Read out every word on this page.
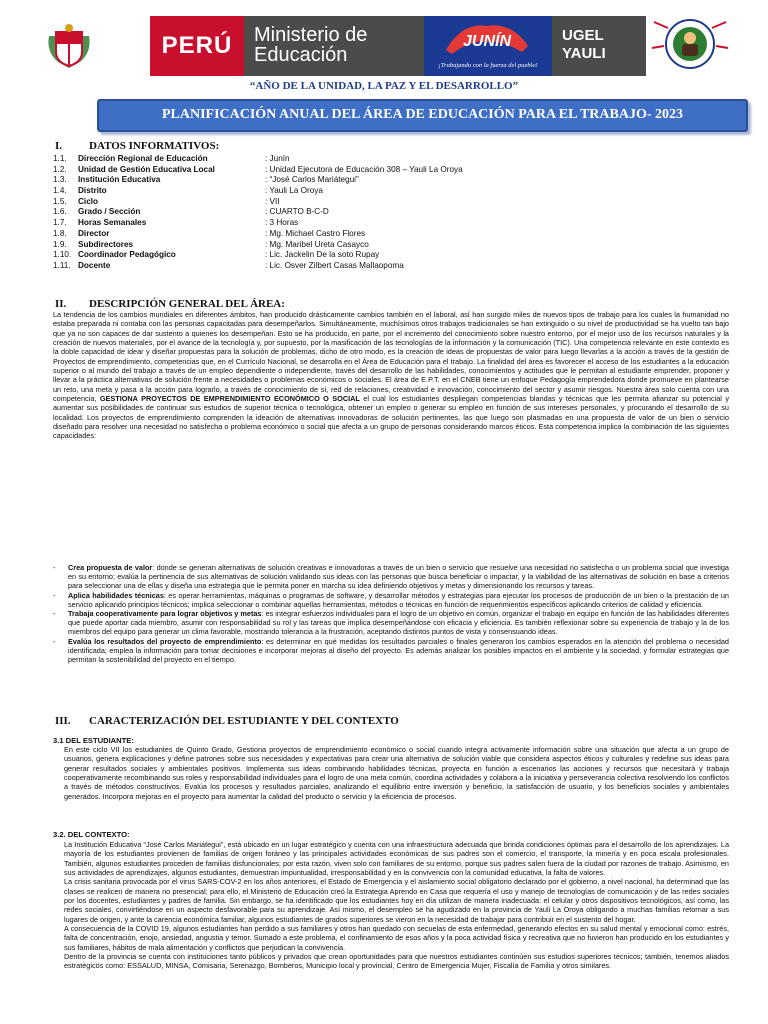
PERÚ	Ministerio de Educación
JUNÍN
¡Trabajando con la fuerza del pueblo!
UGEL YAULI
“AÑO DE LA UNIDAD, LA PAZ Y EL DESARROLLO”
PLANIFICACIÓN ANUAL DEL ÁREA DE EDUCACIÓN PARA EL TRABAJO- 2023
I. DATOS INFORMATIVOS:
1.1.	Dirección Regional de Educación	: Junín
1.2.	Unidad de Gestión Educativa Local	: Unidad Ejecutora de Educación 308 – Yauli La Oroya
1.3.	Institución Educativa	: “José Carlos Mariátegui”
1.4.	Distrito	: Yauli La Oroya
1.5.	Ciclo	: VII
1.6.	Grado / Sección	: CUARTO B-C-D
1.7.	Horas Semanales	: 3 Horas
1.8.	Director	: Mg. Michael Castro Flores
1.9.	Subdirectores	: Mg. Maribel Ureta Casayco
1.10. Coordinador Pedagógico	: Lic. Jackelin De la soto Rupay
1.11. Docente	: Lic. Osver Zilbert Casas Mallaopoma
II. DESCRIPCIÓN GENERAL DEL ÁREA:
La tendencia de los cambios mundiales en diferentes ámbitos, han producido drásticamente cambios también en el laboral, así han surgido miles de nuevos tipos de trabajo para los cuales la humanidad no estaba preparada ni contaba con las personas capacitadas para desempeñarlos. Simultáneamente, muchísimos otros trabajos tradicionales se han extinguido o su nivel de productividad se ha vuelto tan bajo que ya no son capaces de dar sustento a quienes los desempeñan. Esto se ha producido, en parte, por el incremento del conocimiento sobre nuestro entorno, por el mejor uso de los recursos naturales y la creación de nuevos materiales, por el avance de la tecnología y, por supuesto, por la masificación de las tecnologías de la información y la comunicación (TIC). Una competencia relevante en este contexto es la doble capacidad de idear y diseñar propuestas para la solución de problemas, dicho de otro modo, es la creación de ideas de propuestas de valor para luego llevarlas a la acción a través de la gestión de Proyectos de emprendimiento, competencias que, en el Currículo Nacional, se desarrolla en el Área de Educación para el trabajo. La finalidad del área es favorecer el acceso de los estudiantes a la educación superior o al mundo del trabajo a través de un empleo dependiente o independiente, través del desarrollo de las habilidades, conocimientos y actitudes que le permitan al estudiante emprender, proponer y llevar a la práctica alternativas de solución frente a necesidades o problemas económicos o sociales. El área de E.P.T. en el CNEB tiene un enfoque Pedagogía emprendedora donde promueve en plantearse un reto, una meta y pasa a la acción para lograrlo, a través de conocimiento de sí, red de relaciones, creatividad e innovación, conocimiento del sector y asumir riesgos. Nuestra área solo cuenta con una competencia, GESTIONA PROYECTOS DE EMPRENDIMIENTO ECONÓMICO O SOCIAL el cual los estudiantes despliegan competencias blandas y técnicas que les permita afianzar su potencial y aumentar sus posibilidades de continuar sus estudios de superior técnica o tecnológica, obtener un empleo o generar su empleo en función de sus intereses personales, y procurando el desarrollo de su localidad. Los proyectos de emprendimiento comprenden la ideación de alternativas innovadoras de solución pertinentes, las que luego son plasmadas en una propuesta de valor de un bien o servicio diseñado para resolver una necesidad no satisfecha o problema económico o social que afecta a un grupo de personas considerando marcos éticos. Esta competencia implica la combinación de las siguientes capacidades:
- Crea propuesta de valor: donde se generan alternativas de solución creativas e innovadoras a través de un bien o servicio que resuelve una necesidad no satisfecha o un problema social que investiga en su entorno; evalúa la pertinencia de sus alternativas de solución validando sus ideas con las personas que busca beneficiar o impactar, y la viabilidad de las alternativas de solución en base a criterios para seleccionar una de ellas y diseña una estrategia que le permita poner en marcha su idea definiendo objetivos y metas y dimensionando los recursos y tareas.
- Aplica habilidades técnicas: es operar herramientas, máquinas o programas de software, y desarrollar métodos y estrategias para ejecutar los procesos de producción de un bien o la prestación de un servicio aplicando principios técnicos; implica seleccionar o combinar aquellas herramientas, métodos o técnicas en función de requerimientos específicos aplicando criterios de calidad y eficiencia.
- Trabaja cooperativamente para lograr objetivos y metas: es integrar esfuerzos individuales para el logro de un objetivo en común, organizar el trabajo en equipo en función de las habilidades diferentes que puede aportar cada miembro, asumir con responsabilidad su rol y las tareas que implica desempeñándose con eficacia y eficiencia. Es también reflexionar sobre su experiencia de trabajo y la de los miembros del equipo para generar un clima favorable, mostrando tolerancia a la frustración, aceptando distintos puntos de vista y consensuando ideas.
- Evalúa los resultados del proyecto de emprendimiento: es determinar en qué medidas los resultados parciales o finales generaron los cambios esperados en la atención del problema o necesidad identificada; emplea la información para tomar decisiones e incorporar mejoras al diseño del proyecto. Es además analizar los posibles impactos en el ambiente y la sociedad, y formular estrategias que permitan la sostenibilidad del proyecto en el tiempo.
III. CARACTERIZACIÓN DEL ESTUDIANTE Y DEL CONTEXTO
3.1 DEL ESTUDIANTE:
En este ciclo VII los estudiantes de Quinto Grado, Gestiona proyectos de emprendimiento económico o social cuando integra activamente información sobre una situación que afecta a un grupo de usuarios, genera explicaciones y define patrones sobre sus necesidades y expectativas para crear una alternativa de solución viable que considera aspectos éticos y culturales y redefine sus ideas para generar resultados sociales y ambientales positivos. Implementa sus ideas combinando habilidades técnicas, proyecta en función a escenarios las acciones y recursos que necesitará y trabaja cooperativamente recombinando sus roles y responsabilidad individuales para el logro de una meta común, coordina actividades y colabora a la iniciativa y perseverancia colectiva resolviendo los conflictos a través de métodos constructivos. Evalúa los procesos y resultados parciales, analizando el equilibrio entre inversión y beneficio, la satisfacción de usuario, y los beneficios sociales y ambientales generados. Incorpora mejoras en el proyecto para aumentar la calidad del producto o servicio y la eficiencia de procesos.
3.2. DEL CONTEXTO:
La Institución Educativa “José Carlos Mariátegui”, está ubicado en un lugar estratégico y cuenta con una infraestructura adecuada que brinda condiciones óptimas para el desarrollo de los aprendizajes. La mayoría de los estudiantes provienen de familias de origen foráneo y las principales actividades económicas de sus padres son el comercio, el transporte, la minería y en poca escala profesionales. También, algunos estudiantes proceden de familias disfuncionales; por esta razón, viven solo con familiares de su entorno, porque sus padres salen fuera de la ciudad por razones de trabajo. Asimismo, en sus actividades de aprendizajes, algunos estudiantes, demuestran impuntualidad, irresponsabilidad y en la convivencia con la comunidad educativa, la falta de valores.
La crisis sanitaria provocada por el virus SARS-COV-2 en los años anteriores, el Estado de Emergencia y el aislamiento social obligatorio declarado por el gobierno, a nivel nacional, ha determinad que las clases se realicen de manera no presencial; para ello, el Ministerio de Educación creó la Estrategia Aprendo en Casa que requería el uso y manejo de tecnologías de comunicación y de las redes sociales por los docentes, estudiantes y padres de familia. Sin embargo, se ha identificado que los estudiantes hoy en día utilizan de manera inadecuada: el celular y otros dispositivos tecnológicos, así como, las redes sociales, convirtiéndose en un aspecto desfavorable para su aprendizaje. Así mismo, el desempleo se ha agudizado en la provincia de Yauli La Oroya obligando a muchas familias retornar a sus lugares de origen, y ante la carencia económica familiar, algunos estudiantes de grados superiores se vieron en la necesidad de trabajar para contribuir en el sustento del hogar.
A consecuencia de la COVID 19, algunos estudiantes han perdido a sus familiares y otros han quedado con secuelas de esta enfermedad, generando efectos en su salud mental y emocional como: estrés, falta de concentración, enojo, ansiedad, angustia y temor. Sumado a este problema, el confinamiento de esos años y la poca actividad física y recreativa que no fuvieron han producido en los estudiantes y sus familiares, hábitos de mala alimentación y conflictos que perjudican la convivencia.
Dentro de la provincia se cuenta con instituciones tanto públicos y privados que crean oportunidades para que nuestros estudiantes continúen sus estudios superiores técnicos; también, tenemos aliados estratégicos como: ESSALUD, MINSA, Comisaria, Serenazgo, Bomberos, Municipio local y provincial, Centro de Emergencia Mujer, Fiscalía de Familia y otros similares.
